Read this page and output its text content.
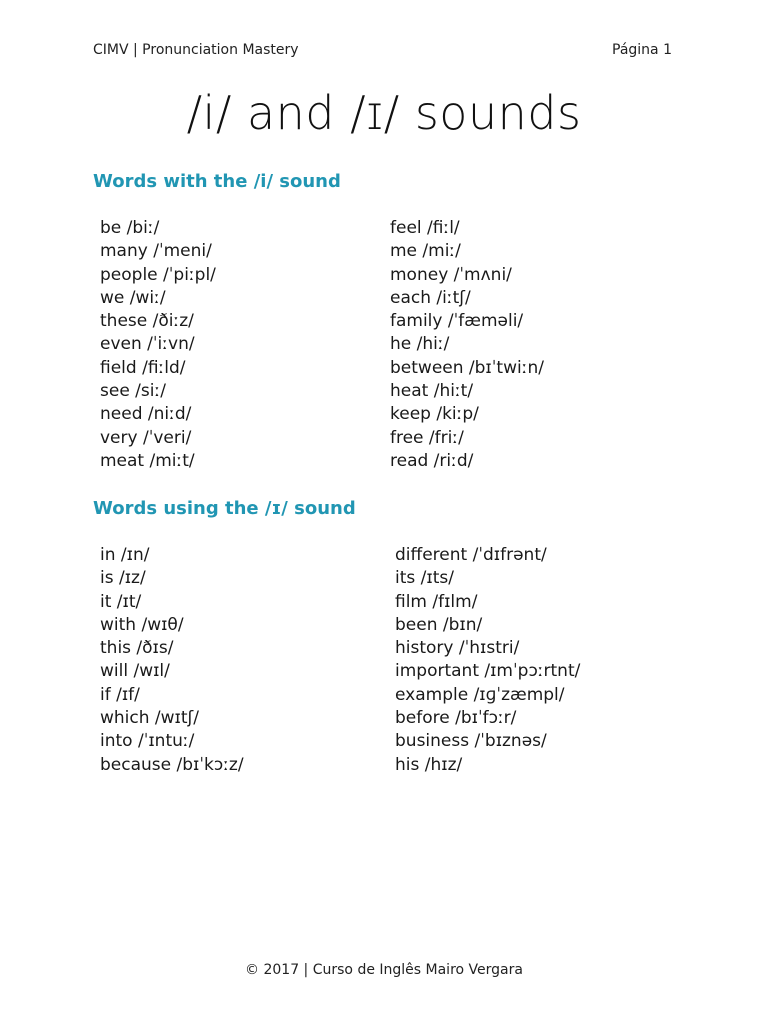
CIMV | Pronunciation Mastery	Página 1
/i/ and /ɪ/ sounds
Words with the /i/ sound
be /biː/
many /ˈmeni/
people /ˈpiːpl/
we /wiː/
these /ðiːz/
even /ˈiːvn/
field /fiːld/
see /siː/
need /niːd/
very /ˈveri/
meat /miːt/
feel /fiːl/
me /miː/
money /ˈmʌni/
each /iːtʃ/
family /ˈfæməli/
he /hiː/
between /bɪˈtwiːn/
heat /hiːt/
keep /kiːp/
free /friː/
read /riːd/
Words using the /ɪ/ sound
in /ɪn/
is /ɪz/
it /ɪt/
with /wɪθ/
this /ðɪs/
will /wɪl/
if /ɪf/
which /wɪtʃ/
into /ˈɪntuː/
because /bɪˈkɔːz/
different /ˈdɪfrənt/
its /ɪts/
film /fɪlm/
been /bɪn/
history /ˈhɪstri/
important /ɪmˈpɔːrtnt/
example /ɪɡˈzæmpl/
before /bɪˈfɔːr/
business /ˈbɪznəs/
his /hɪz/
© 2017 | Curso de Inglês Mairo Vergara
